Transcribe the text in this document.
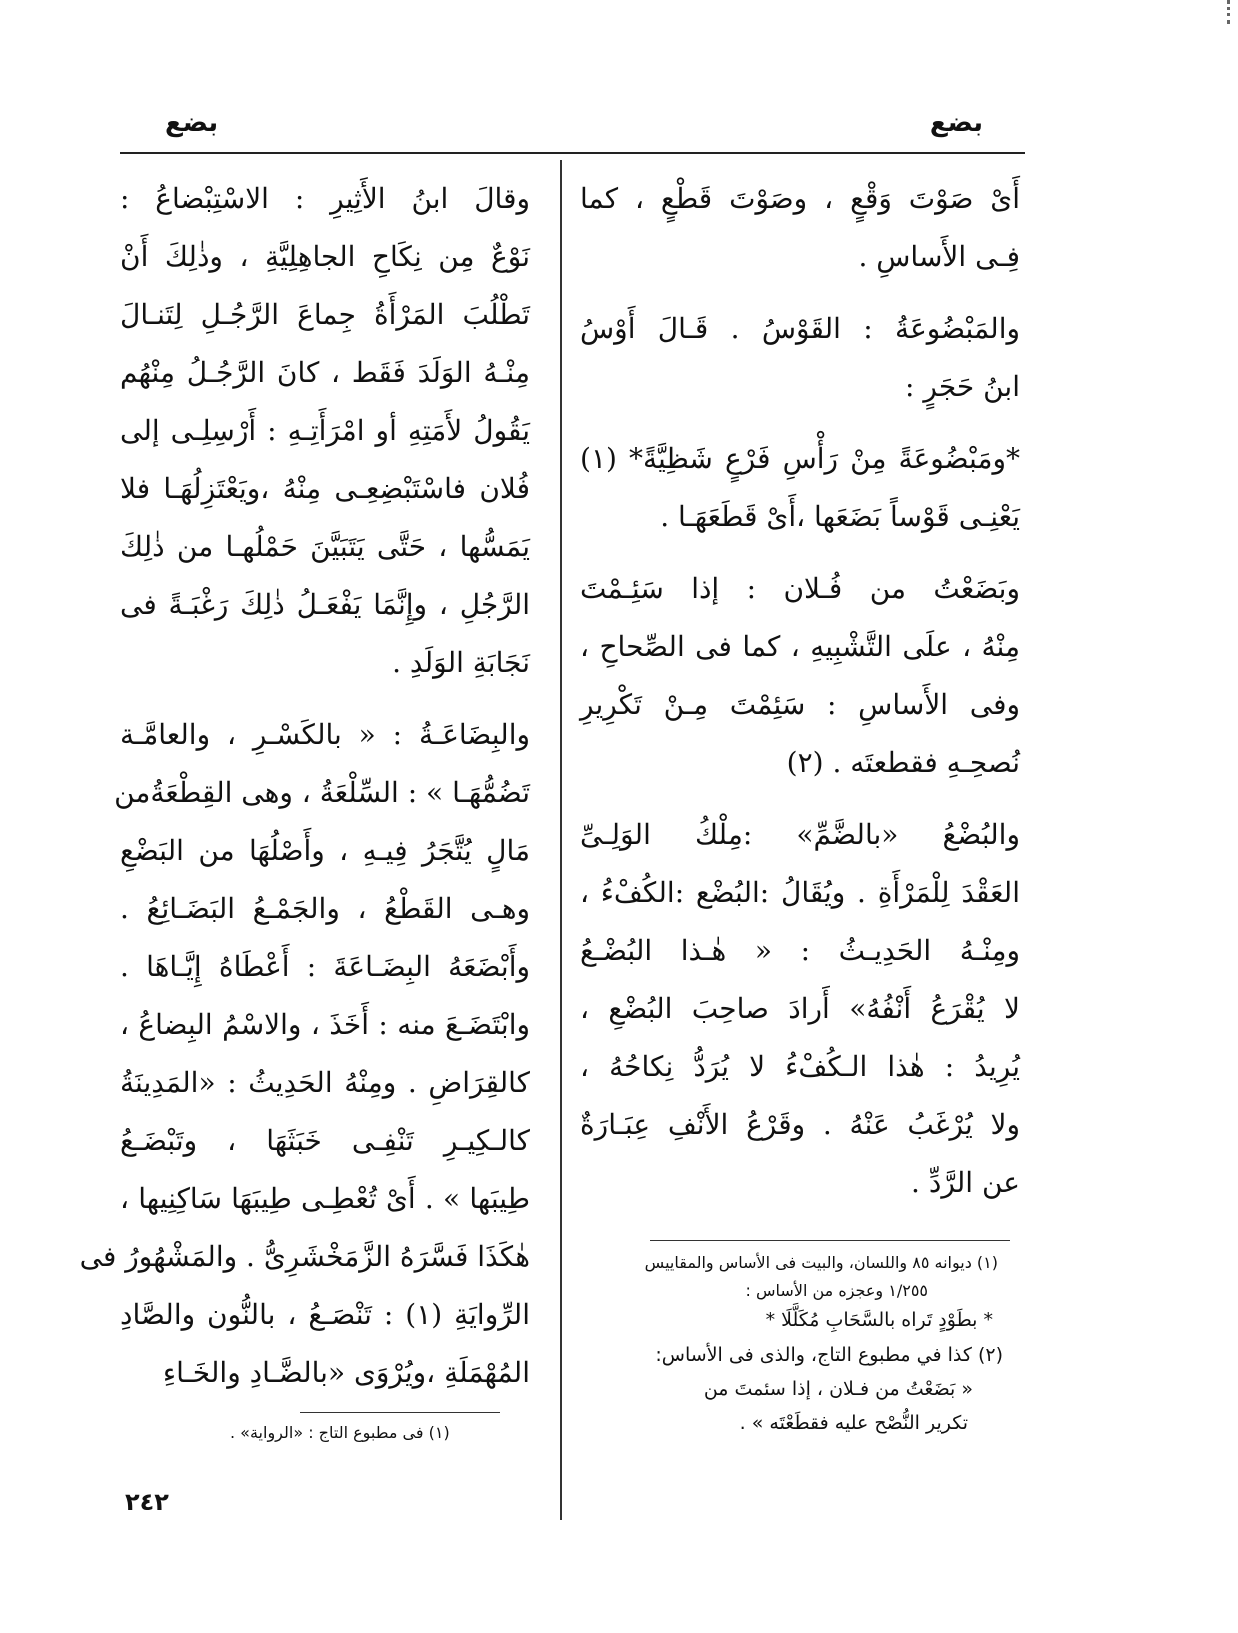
بضع
بضع
أَىْ صَوْتَ وَقْعٍ ، وصَوْتَ قَطْعٍ ، كما
فِـى الأَساسِ .
والمَبْضُوعَةُ : القَوْسُ . قَـالَ أَوْسُ
ابنُ حَجَرٍ :
*ومَبْضُوعَةً مِنْ رَأْسِ فَرْعٍ شَظِيَّةً* (١)
يَعْنِـى قَوْساً بَضَعَها ،أَىْ قَطَعَهَـا .
وبَضَعْتُ من فُـلان : إذا سَئِـمْتَ
مِنْهُ ، علَى التَّشْبِيهِ ، كما فى الصِّحاحِ ،
وفى الأَساسِ : سَئِمْتَ مِـنْ تَكْرِيرِ
نُصحِـهِ فقطعتَه . (٢)
والبُضْعُ «بالضَّمِّ» :مِلْكُ الوَلِـىِّ
العَقْدَ لِلْمَرْأَةِ . ويُقَالُ :البُضْع :الكُفْءُ ،
ومِنْـهُ الحَدِيـثُ : « هٰـذا البُضْـعُ
لا يُقْرَعُ أَنْفُهُ» أَرادَ صاحِبَ البُضْعِ ،
يُرِيدُ : هٰذا الـكُفْءُ لا يُرَدُّ نِكاحُهُ ،
ولا يُرْغَبُ عَنْهُ . وقَرْعُ الأَنْفِ عِبَـارَةٌ
عن الرَّدِّ .
وقالَ ابنُ الأَثِيرِ : الاسْتِبْضاعُ :
نَوْعٌ مِن نِكَاحِ الجاهِلِيَّةِ ، وذٰلِكَ أَنْ
تَطْلُبَ المَرْأَةُ جِماعَ الرَّجُـلِ لِتَنـالَ
مِنْـهُ الوَلَدَ فَقَط ، كانَ الرَّجُـلُ مِنْهُم
يَقُولُ لأَمَتِهِ أو امْرَأَتِـهِ : أَرْسِلِـى إلى
فُلان فاسْتَبْضِعِـى مِنْهُ ،ويَعْتَزِلُهَـا فلا
يَمَسُّها ، حَتَّى يَتَبَيَّنَ حَمْلُهـا من ذٰلِكَ
الرَّجُلِ ، وإِنَّمَا يَفْعَـلُ ذٰلِكَ رَغْبَـةً فى
نَجَابَةِ الوَلَدِ .
والبِضَاعَـةُ : « بالكَسْـرِ ، والعامَّـة
تَضُمُّهَـا » : السِّلْعَةُ ، وهى القِطْعَةُمن
مَالٍ يُتَّجَرُ فِيـهِ ، وأَصْلُهَا من البَضْعِ
وهـى القَطْعُ ، والجَمْـعُ البَضَـائِعُ .
وأَبْضَعَهُ البِضَـاعَةَ : أَعْطَاهُ إِيَّـاهَا .
وابْتَضَـعَ منه : أَخَذَ ، والاسْمُ البِضاعُ ،
كالقِرَاضِ . ومِنْهُ الحَدِيثُ : «المَدِينَةُ
كالـكِيـرِ تَنْفِـى خَبَثَهَا ، وتَبْضَـعُ
طِيبَها » . أَىْ تُعْطِـى طِيبَهَا سَاكِنِيها ،
هٰكَذَا فَسَّرَهُ الزَّمَخْشَرِىُّ . والمَشْهُورُ فى
الرِّوايَةِ (١) : تَنْصَـعُ ، بالنُّون والصَّادِ
المُهْمَلَةِ ،ويُرْوَى «بالضَّـادِ والخَـاءِ
(١) ديوانه ٨٥ واللسان، والبيت فى الأساس والمقاييس
١/٢٥٥ وعجزه من الأساس :
* بطَوْدٍ تَراه بالسَّحَابِ مُكَلَّلَا *
(٢) كذا في مطبوع التاج، والذى فى الأساس:
« بَضَعْتُ من فـلان ، إذا سئمتَ من
تكرير النُّصْح عليه فقطَعْتَه » .
(١) فى مطبوع التاج : «الرواية» .
٢٤٢
